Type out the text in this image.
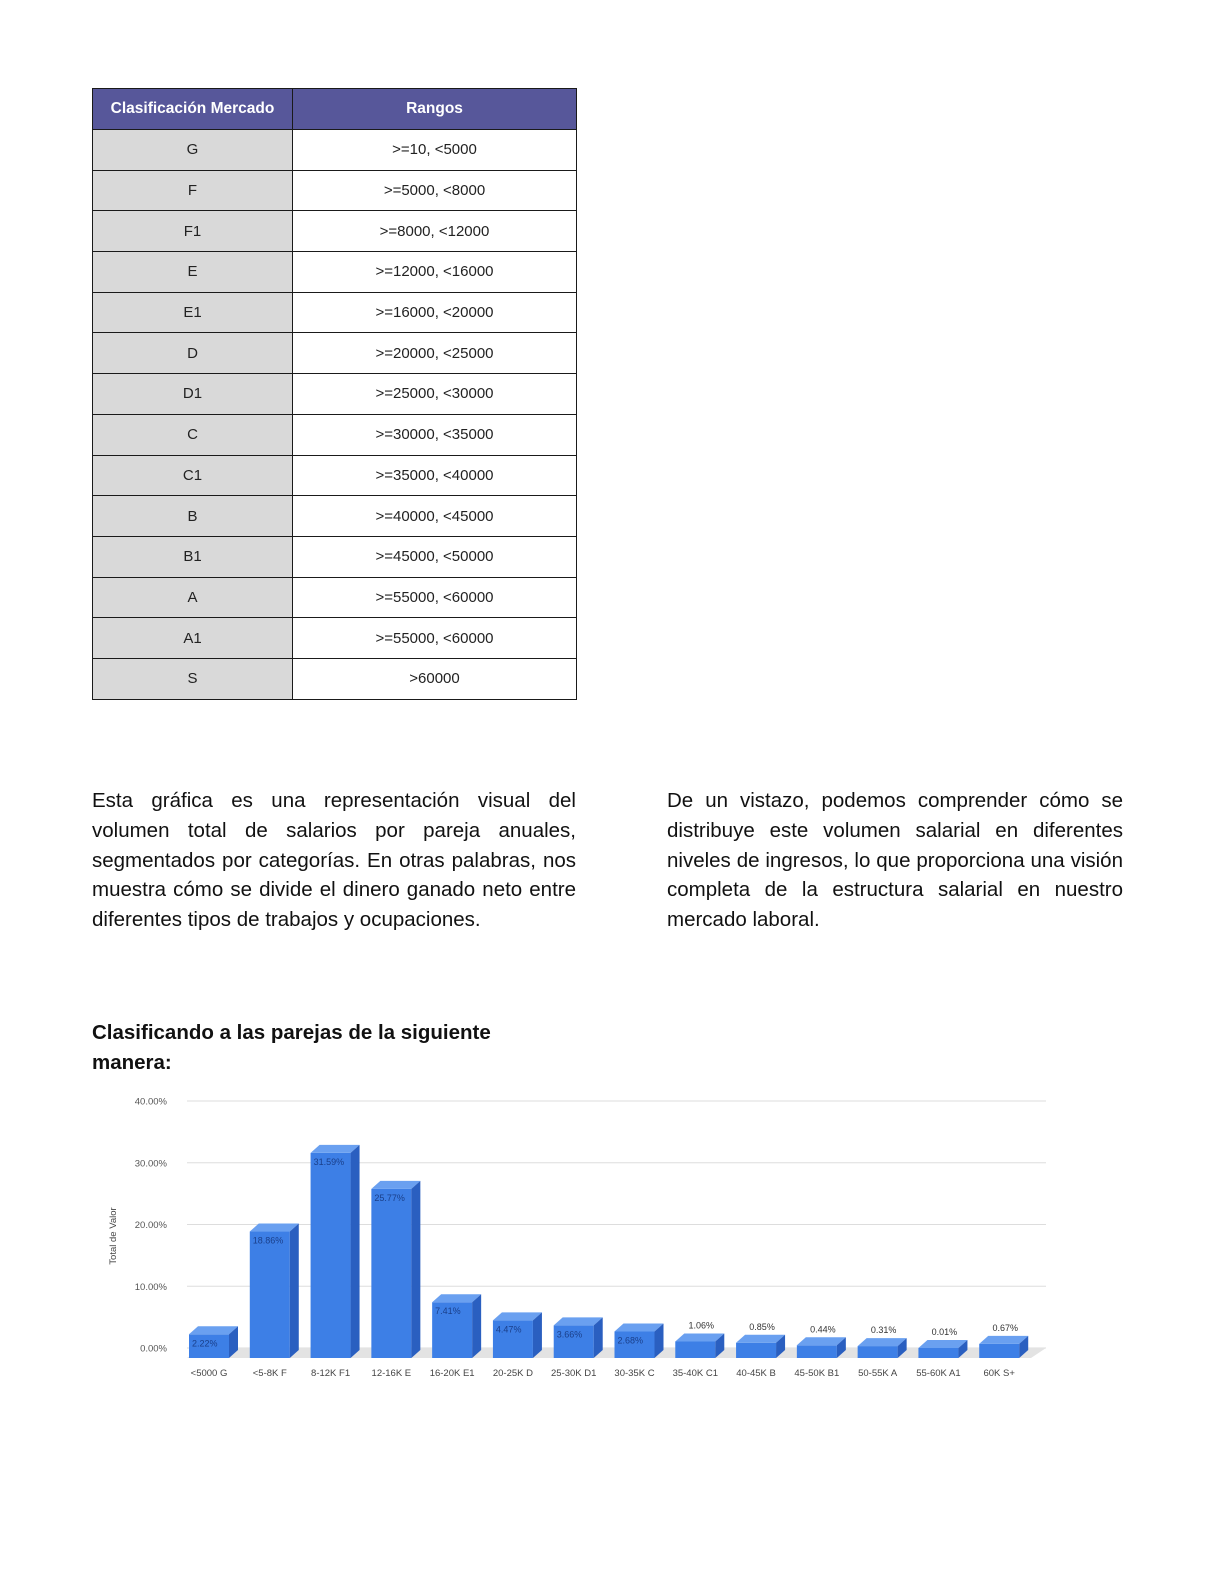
Clasificación Mercado	Rangos
G	>=10, <5000
F	>=5000, <8000
F1	>=8000, <12000
E	>=12000, <16000
E1	>=16000, <20000
D	>=20000, <25000
D1	>=25000, <30000
C	>=30000, <35000
C1	>=35000, <40000
B	>=40000, <45000
B1	>=45000, <50000
A	>=55000, <60000
A1	>=55000, <60000
S	>60000

Esta gráfica es una representación visual del volumen total de salarios por pareja anuales, segmentados por categorías. En otras palabras, nos muestra cómo se divide el dinero ganado neto entre diferentes tipos de trabajos y ocupaciones.

De un vistazo, podemos comprender cómo se distribuye este volumen salarial en diferentes niveles de ingresos, lo que proporciona una visión completa de la estructura salarial en nuestro mercado laboral.

Clasificando a las parejas de la siguiente manera:
0.00%
10.00%
20.00%
30.00%
40.00%
Total de Valor
2.22%
<5000 G
18.86%
<5-8K F
31.59%
8-12K F1
25.77%
12-16K E
7.41%
16-20K E1
4.47%
20-25K D
3.66%
25-30K D1
2.68%
30-35K C
1.06%
35-40K C1
0.85%
40-45K B
0.44%
45-50K B1
0.31%
50-55K A
0.01%
55-60K A1
0.67%
60K S+
